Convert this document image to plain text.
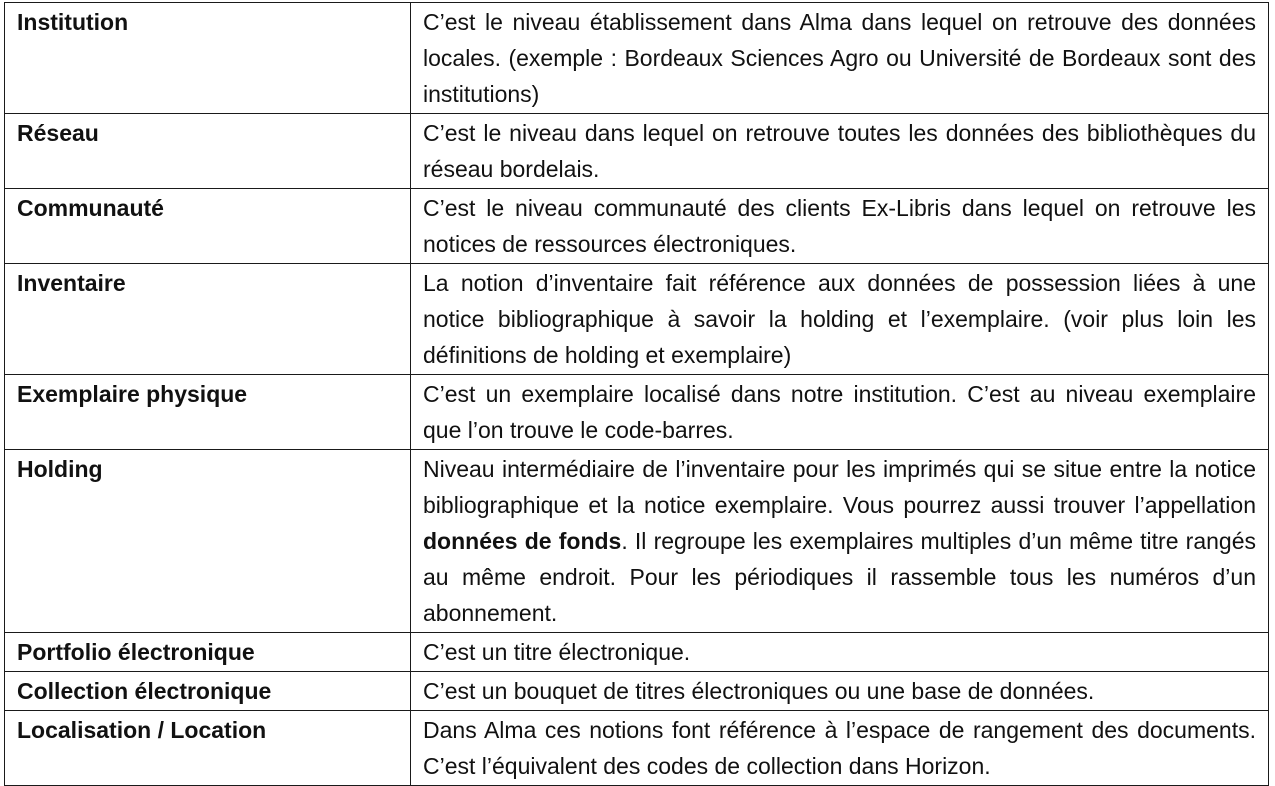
Institution	C’est le niveau établissement dans Alma dans lequel on retrouve des données locales. (exemple : Bordeaux Sciences Agro ou Université de Bordeaux sont des institutions)
Réseau	C’est le niveau dans lequel on retrouve toutes les données des bibliothèques du réseau bordelais.
Communauté	C’est le niveau communauté des clients Ex-Libris dans lequel on retrouve les notices de ressources électroniques.
Inventaire	La notion d’inventaire fait référence aux données de possession liées à une notice bibliographique à savoir la holding et l’exemplaire. (voir plus loin les définitions de holding et exemplaire)
Exemplaire physique	C’est un exemplaire localisé dans notre institution. C’est au niveau exemplaire que l’on trouve le code-barres.
Holding	Niveau intermédiaire de l’inventaire pour les imprimés qui se situe entre la notice bibliographique et la notice exemplaire. Vous pourrez aussi trouver l’appellation données de fonds. Il regroupe les exemplaires multiples d’un même titre rangés au même endroit. Pour les périodiques il rassemble tous les numéros d’un abonnement.
Portfolio électronique	C’est un titre électronique.
Collection électronique	C’est un bouquet de titres électroniques ou une base de données.
Localisation / Location	Dans Alma ces notions font référence à l’espace de rangement des documents. C’est l’équivalent des codes de collection dans Horizon.
